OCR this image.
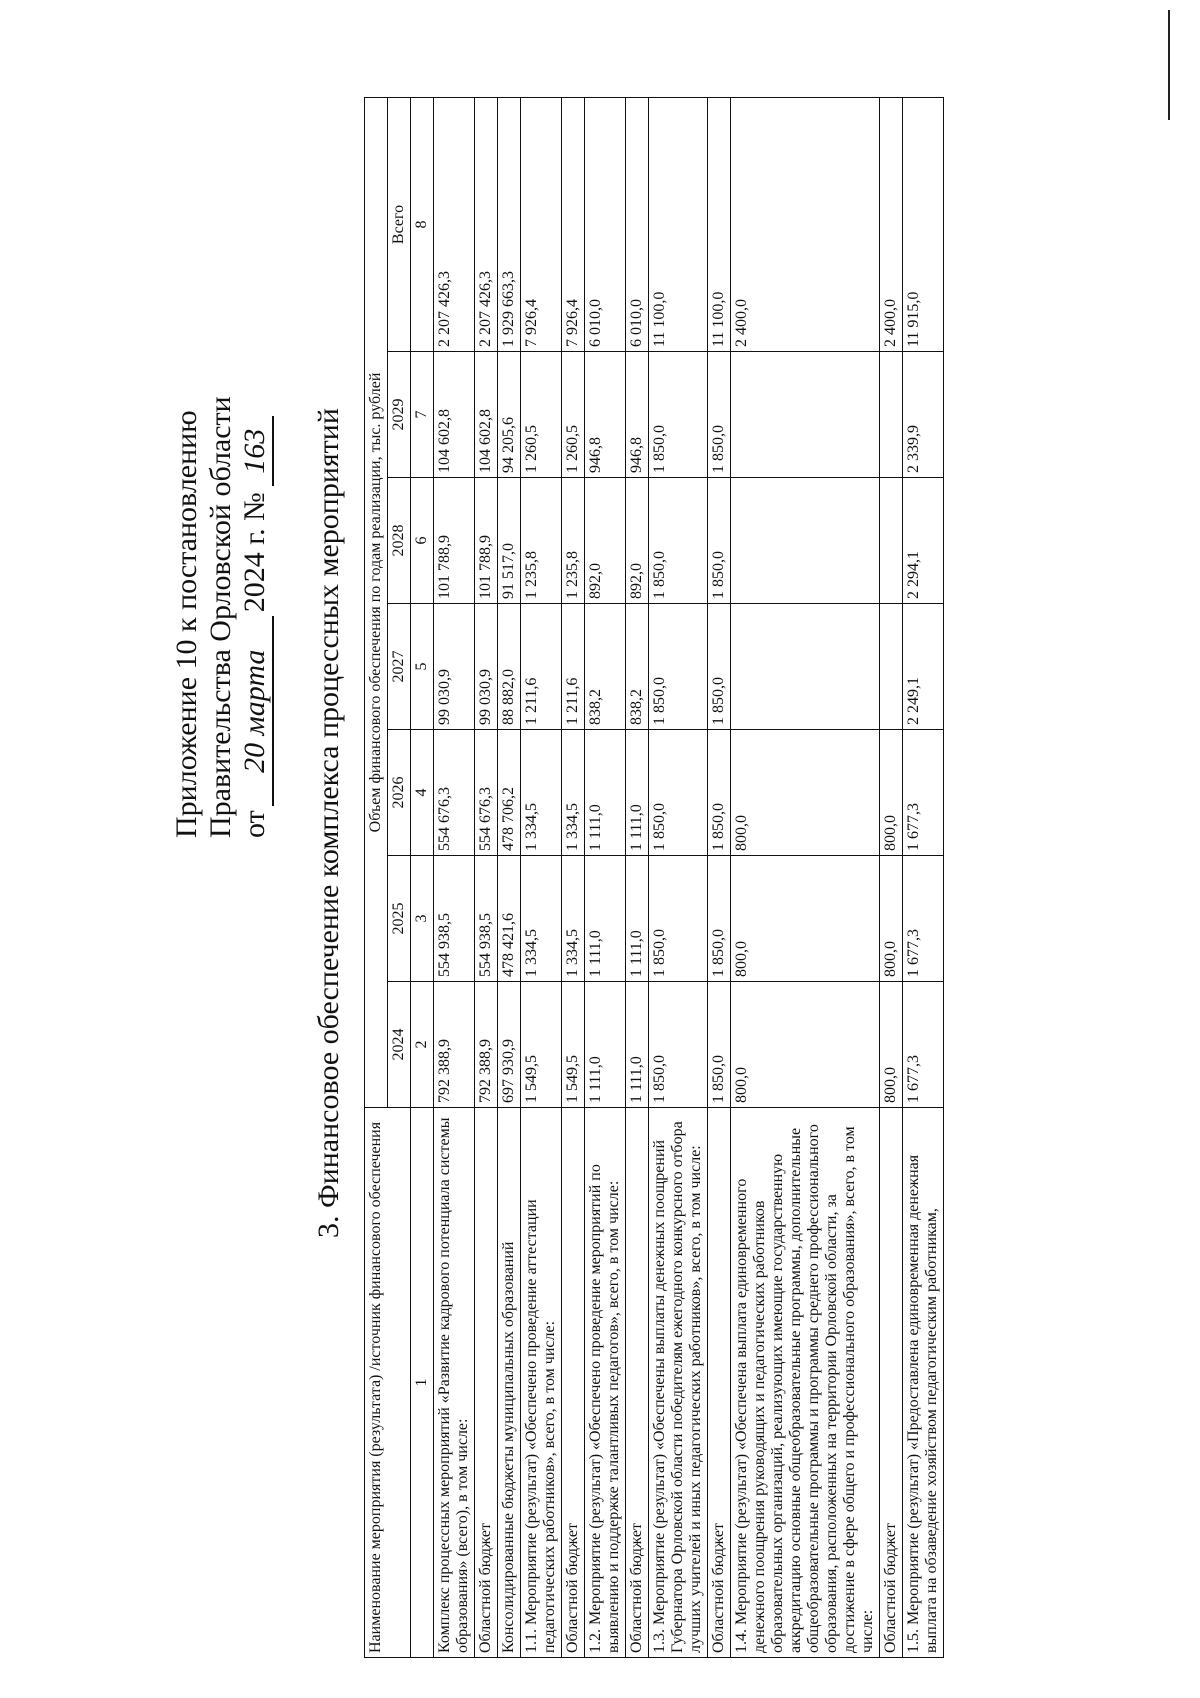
Приложение 10 к постановлению Правительства Орловской области от20 марта2024 г. №163 3. Финансовое обеспечение комплекса процессных мероприятий
Наименование мероприятия (результата) /источник финансового обеспечения	Объем финансового обеспечения по годам реализации, тыс. рублей						
	2024	2025	2026	2027	2028	2029	Всего
1	2	3	4	5	6	7	8
Комплекс процессных мероприятий «Развитие кадрового потенциала системы образования» (всего), в том числе:	792 388,9	554 938,5	554 676,3	99 030,9	101 788,9	104 602,8	2 207 426,3
Областной бюджет	792 388,9	554 938,5	554 676,3	99 030,9	101 788,9	104 602,8	2 207 426,3
Консолидированные бюджеты муниципальных образований	697 930,9	478 421,6	478 706,2	88 882,0	91 517,0	94 205,6	1 929 663,3
1.1. Мероприятие (результат) «Обеспечено проведение аттестации педагогических работников», всего, в том числе:	1 549,5	1 334,5	1 334,5	1 211,6	1 235,8	1 260,5	7 926,4
Областной бюджет	1 549,5	1 334,5	1 334,5	1 211,6	1 235,8	1 260,5	7 926,4
1.2. Мероприятие (результат) «Обеспечено проведение мероприятий по выявлению и поддержке талантливых педагогов», всего, в том числе:	1 111,0	1 111,0	1 111,0	838,2	892,0	946,8	6 010,0
Областной бюджет	1 111,0	1 111,0	1 111,0	838,2	892,0	946,8	6 010,0
1.3. Мероприятие (результат) «Обеспечены выплаты денежных поощрений Губернатора Орловской области победителям ежегодного конкурсного отбора лучших учителей и иных педагогических работников», всего, в том числе:	1 850,0	1 850,0	1 850,0	1 850,0	1 850,0	1 850,0	11 100,0
Областной бюджет	1 850,0	1 850,0	1 850,0	1 850,0	1 850,0	1 850,0	11 100,0
1.4. Мероприятие (результат) «Обеспечена выплата единовременного денежного поощрения руководящих и педагогических работников образовательных организаций, реализующих имеющие государственную аккредитацию основные общеобразовательные программы, дополнительные общеобразовательные программы и программы среднего профессионального образования, расположенных на территории Орловской области, за достижение в сфере общего и профессионального образования», всего, в том числе:	800,0	800,0	800,0				2 400,0
Областной бюджет	800,0	800,0	800,0				2 400,0
1.5. Мероприятие (результат) «Предоставлена единовременная денежная выплата на обзаведение хозяйством педагогическим работникам,	1 677,3	1 677,3	1 677,3	2 249,1	2 294,1	2 339,9	11 915,0
